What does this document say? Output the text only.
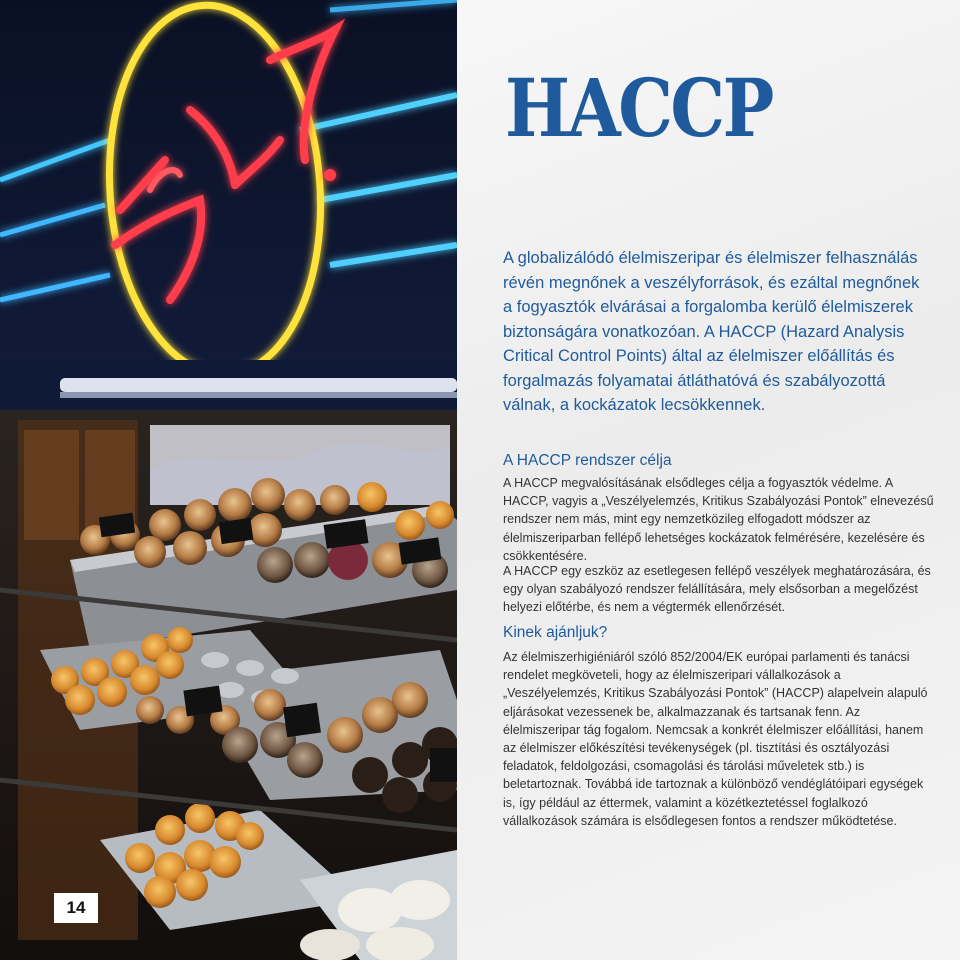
14
HACCP

A globalizálódó élelmiszeripar és élelmiszer felhasználás révén megnőnek a veszélyforrások, és ezáltal megnőnek a fogyasztók elvárásai a forgalomba kerülő élelmiszerek biztonságára vonatkozóan. A HACCP (Hazard Analysis Critical Control Points) által az élelmiszer előállítás és forgalmazás folyamatai átláthatóvá és szabályozottá válnak, a kockázatok lecsökkennek.

A HACCP rendszer célja

A HACCP megvalósításának elsődleges célja a fogyasztók védelme. A HACCP, vagyis a „Veszélyelemzés, Kritikus Szabályozási Pontok” elnevezésű rendszer nem más, mint egy nemzetközileg elfogadott módszer az élelmiszeriparban fellépő lehetséges kockázatok felmérésére, kezelésére és csökkentésére.

A HACCP egy eszköz az esetlegesen fellépő veszélyek meghatározására, és egy olyan szabályozó rendszer felállítására, mely elsősorban a megelőzést helyezi előtérbe, és nem a végtermék ellenőrzését.

Kinek ajánljuk?

Az élelmiszerhigiéniáról szóló 852/2004/EK európai parlamenti és tanácsi rendelet megköveteli, hogy az élelmiszeripari vállalkozások a „Veszélyelemzés, Kritikus Szabályozási Pontok” (HACCP) alapelvein alapuló eljárásokat vezessenek be, alkalmazzanak és tartsanak fenn. Az élelmiszeripar tág fogalom. Nemcsak a konkrét élelmiszer előállítási, hanem az élelmiszer előkészítési tevékenységek (pl. tisztítási és osztályozási feladatok, feldolgozási, csomagolási és tárolási műveletek stb.) is beletartoznak. Továbbá ide tartoznak a különböző vendéglátóipari egységek is, így például az éttermek, valamint a közétkeztetéssel foglalkozó vállalkozások számára is elsődlegesen fontos a rendszer működtetése.
